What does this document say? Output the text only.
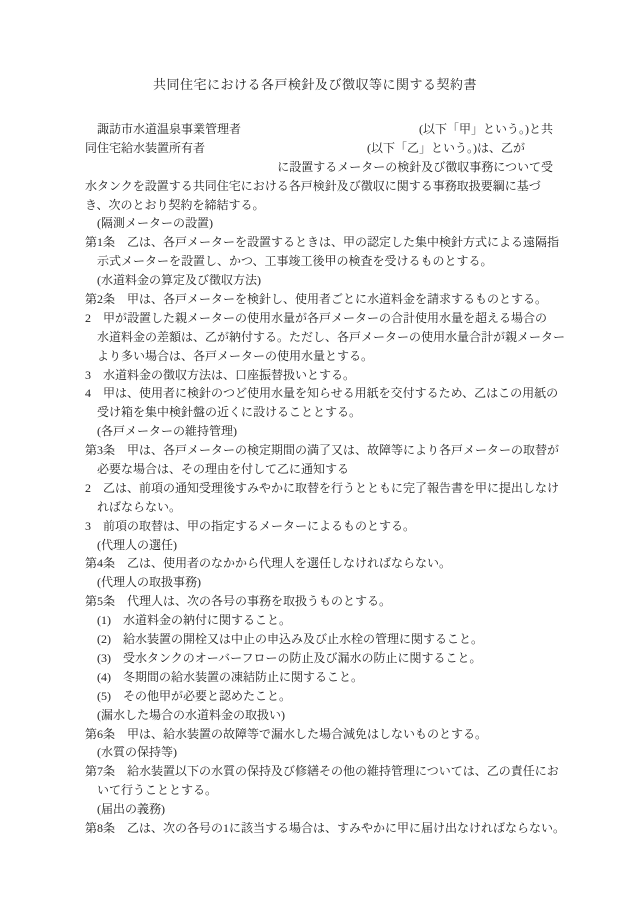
共同住宅における各戸検針及び徴収等に関する契約書
　諏訪市水道温泉事業管理者	(以下「甲」という。)と共
同住宅給水装置所有者	(以下「乙」という。)は、乙が
に設置するメーターの検針及び徴収事務について受
水タンクを設置する共同住宅における各戸検針及び徴収に関する事務取扱要綱に基づ
き、次のとおり契約を締結する。
　(隔測メーターの設置)
第1条　乙は、各戸メーターを設置するときは、甲の認定した集中検針方式による遠隔指
　示式メーターを設置し、かつ、工事竣工後甲の検査を受けるものとする。
　(水道料金の算定及び徴収方法)
第2条　甲は、各戸メーターを検針し、使用者ごとに水道料金を請求するものとする。
2　甲が設置した親メーターの使用水量が各戸メーターの合計使用水量を超える場合の
　水道料金の差額は、乙が納付する。ただし、各戸メーターの使用水量合計が親メーター
　より多い場合は、各戸メーターの使用水量とする。
3　水道料金の徴収方法は、口座振替扱いとする。
4　甲は、使用者に検針のつど使用水量を知らせる用紙を交付するため、乙はこの用紙の
　受け箱を集中検針盤の近くに設けることとする。
　(各戸メーターの維持管理)
第3条　甲は、各戸メーターの検定期間の満了又は、故障等により各戸メーターの取替が
　必要な場合は、その理由を付して乙に通知する
2　乙は、前項の通知受理後すみやかに取替を行うとともに完了報告書を甲に提出しなけ
　ればならない。
3　前項の取替は、甲の指定するメーターによるものとする。
　(代理人の選任)
第4条　乙は、使用者のなかから代理人を選任しなければならない。
　(代理人の取扱事務)
第5条　代理人は、次の各号の事務を取扱うものとする。
　(1)　水道料金の納付に関すること。
　(2)　給水装置の開栓又は中止の申込み及び止水栓の管理に関すること。
　(3)　受水タンクのオーバーフローの防止及び漏水の防止に関すること。
　(4)　冬期間の給水装置の凍結防止に関すること。
　(5)　その他甲が必要と認めたこと。
　(漏水した場合の水道料金の取扱い)
第6条　甲は、給水装置の故障等で漏水した場合減免はしないものとする。
　(水質の保持等)
第7条　給水装置以下の水質の保持及び修繕その他の維持管理については、乙の責任にお
　いて行うこととする。
　(届出の義務)
第8条　乙は、次の各号の1に該当する場合は、すみやかに甲に届け出なければならない。
